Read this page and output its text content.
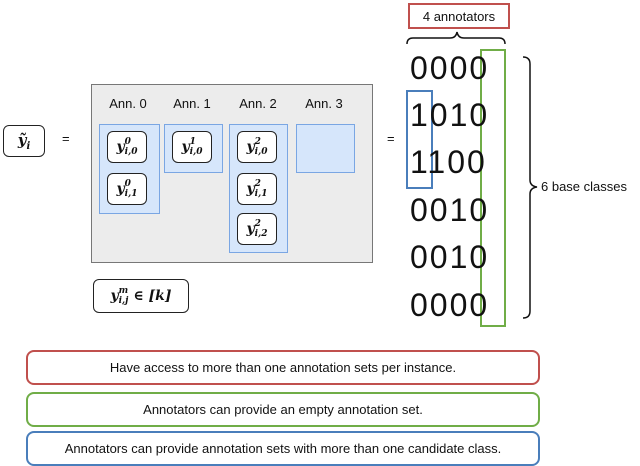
ỹ$_i$ =
Ann. 0	Ann. 1	Ann. 2	Ann. 3
y 0
i,0
y 0
i,1
y 1
i,0	y 2
i,0
y 2
i,1
y 2
i,2
=
y m
i,j ∈ [k]
4 annotators
0000
1010
1100
0010
0010
0000
6 base classes
Have access to more than one annotation sets per instance.
Annotators can provide an empty annotation set.
Annotators can provide annotation sets with more than one candidate class.
